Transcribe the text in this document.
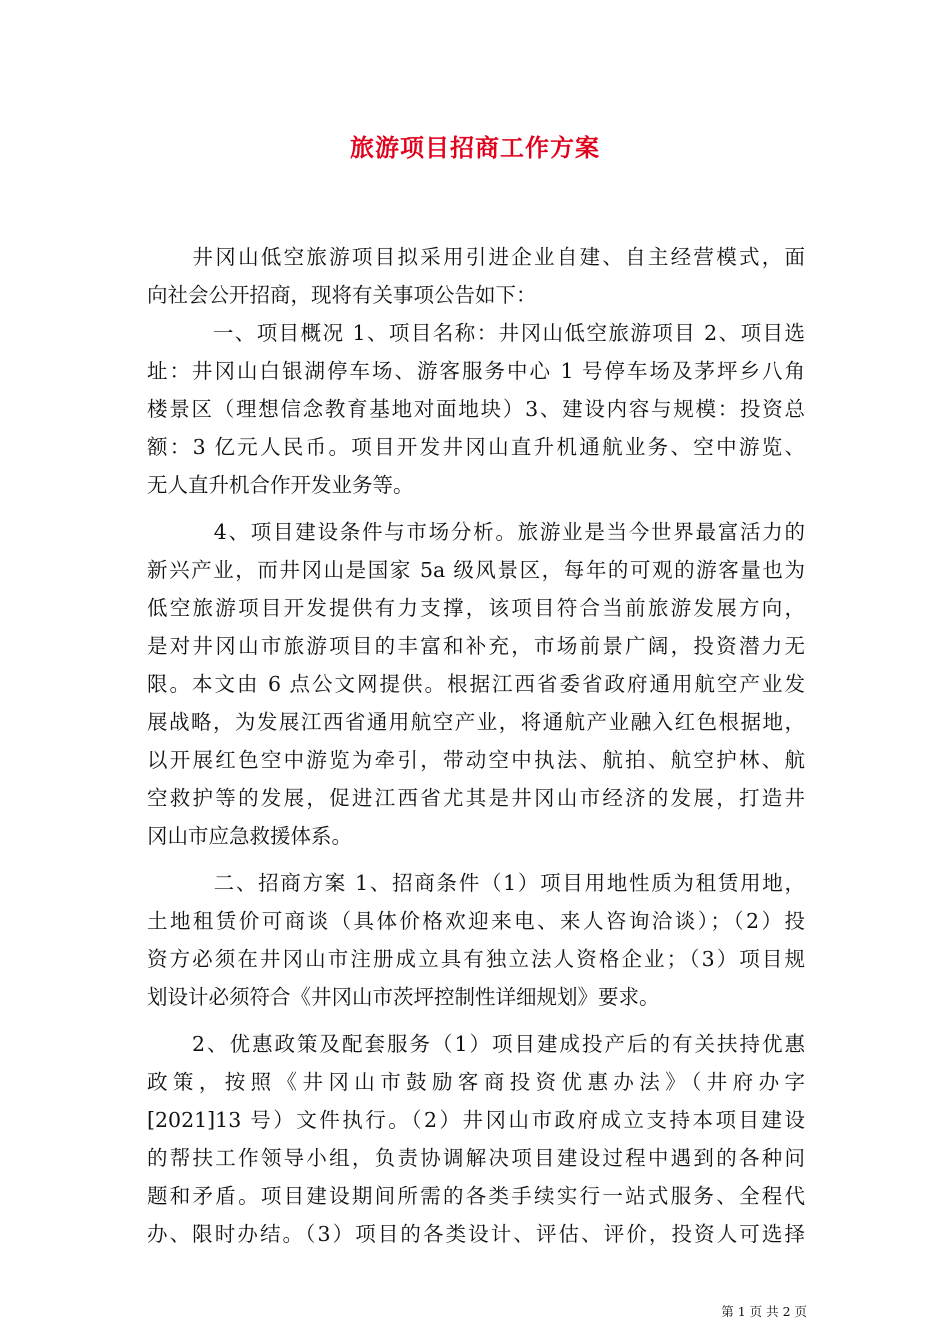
旅游项目招商工作方案
　　井冈山低空旅游项目拟采用引进企业自建、自主经营模式，面
向社会公开招商，现将有关事项公告如下：
　　　一、项目概况 1、项目名称：井冈山低空旅游项目 2、项目选
址：井冈山白银湖停车场、游客服务中心 1 号停车场及茅坪乡八角
楼景区（理想信念教育基地对面地块）3、建设内容与规模：投资总
额：3 亿元人民币。项目开发井冈山直升机通航业务、空中游览、
无人直升机合作开发业务等。
　　　4、项目建设条件与市场分析。旅游业是当今世界最富活力的
新兴产业，而井冈山是国家 5a 级风景区，每年的可观的游客量也为
低空旅游项目开发提供有力支撑，该项目符合当前旅游发展方向，
是对井冈山市旅游项目的丰富和补充，市场前景广阔，投资潜力无
限。本文由 6 点公文网提供。根据江西省委省政府通用航空产业发
展战略，为发展江西省通用航空产业，将通航产业融入红色根据地，
以开展红色空中游览为牵引，带动空中执法、航拍、航空护林、航
空救护等的发展，促进江西省尤其是井冈山市经济的发展，打造井
冈山市应急救援体系。
　　　二、招商方案 1、招商条件（1）项目用地性质为租赁用地，
土地租赁价可商谈（具体价格欢迎来电、来人咨询洽谈）；（2）投
资方必须在井冈山市注册成立具有独立法人资格企业；（3）项目规
划设计必须符合《井冈山市茨坪控制性详细规划》要求。
　　2、优惠政策及配套服务（1）项目建成投产后的有关扶持优惠
政策，按照《井冈山市鼓励客商投资优惠办法》（井府办字
[2021]13 号）文件执行。（2）井冈山市政府成立支持本项目建设
的帮扶工作领导小组，负责协调解决项目建设过程中遇到的各种问
题和矛盾。项目建设期间所需的各类手续实行一站式服务、全程代
办、限时办结。（3）项目的各类设计、评估、评价，投资人可选择
第 1 页 共 2 页
